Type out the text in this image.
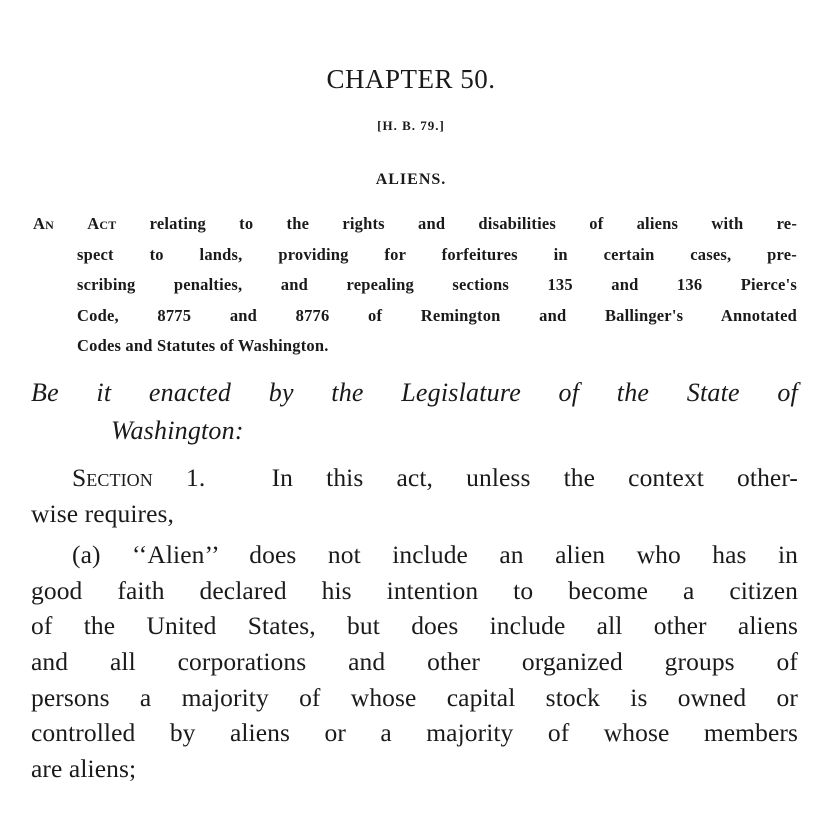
CHAPTER 50.
[H. B. 79.]
ALIENS.
An Act relating to the rights and disabilities of aliens with re-
spect to lands, providing for forfeitures in certain cases, pre-
scribing penalties, and repealing sections 135 and 136 Pierce's
Code, 8775 and 8776 of Remington and Ballinger's Annotated
Codes and Statutes of Washington.
Be it enacted by the Legislature of the State of
Washington:
Section 1.	In this act, unless the context other-
wise requires,
(a) ‘‘Alien’’ does not include an alien who has in
good faith declared his intention to become a citizen
of the United States, but does include all other aliens
and all corporations and other organized groups of
persons a majority of whose capital stock is owned or
controlled by aliens or a majority of whose members
are aliens;
